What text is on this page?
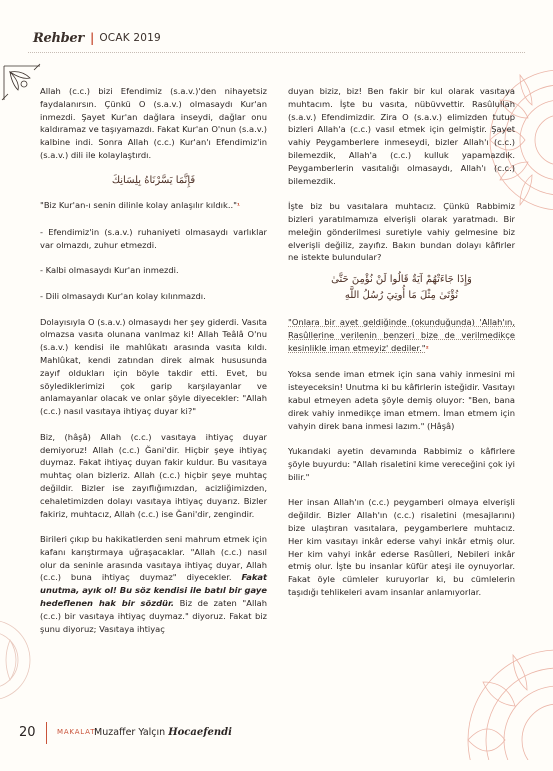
Rehber | OCAK 2019

Allah (c.c.) bizi Efendimiz (s.a.v.)'den nihayetsiz faydalanırsın. Çünkü O (s.a.v.) olmasaydı Kur'an inmezdi. Şayet Kur'an dağlara inseydi, dağlar onu kaldıramaz ve taşıyamazdı. Fakat Kur'an O'nun (s.a.v.) kalbine indi. Sonra Allah (c.c.) Kur'an'ı Efendimiz'in (s.a.v.) dili ile kolaylaştırdı.

فَإِنَّمَا يَسَّرْنَاهُ بِلِسَانِكَ

"Biz Kur'an-ı senin dilinle kolay anlaşılır kıldık.."¹

- Efendimiz'in (s.a.v.) ruhaniyeti olmasaydı varlıklar var olmazdı, zuhur etmezdi.

- Kalbi olmasaydı Kur'an inmezdi.

- Dili olmasaydı Kur'an kolay kılınmazdı.

Dolayısıyla O (s.a.v.) olmasaydı her şey giderdi. Vasıta olmazsa vasıta olunana vanlmaz ki! Allah Teâlâ O'nu (s.a.v.) kendisi ile mahlûkatı arasında vasıta kıldı. Mahlûkat, kendi zatından direk almak hususunda zayıf oldukları için böyle takdir etti. Evet, bu söylediklerimizi çok garip karşılayanlar ve anlamayanlar olacak ve onlar şöyle diyecekler: "Allah (c.c.) nasıl vasıtaya ihtiyaç duyar ki?"

Biz, (hâşâ) Allah (c.c.) vasıtaya ihtiyaç duyar demiyoruz! Allah (c.c.) Ğani'dir. Hiçbir şeye ihtiyaç duymaz. Fakat ihtiyaç duyan fakir kuldur. Bu vasıtaya muhtaç olan bizleriz. Allah (c.c.) hiçbir şeye muhtaç değildir. Bizler ise zayıflığımızdan, acizliğimizden, cehaletimizden dolayı vasıtaya ihtiyaç duyarız. Bizler fakiriz, muhtacız, Allah (c.c.) ise Ğani'dir, zengindir.

Birileri çıkıp bu hakikatlerden seni mahrum etmek için kafanı karıştırmaya uğraşacaklar. "Allah (c.c.) nasıl olur da seninle arasında vasıtaya ihtiyaç duyar, Allah (c.c.) buna ihtiyaç duymaz" diyecekler. Fakat unutma, ayık ol! Bu söz kendisi ile batıl bir gaye hedeflenen hak bir sözdür. Biz de zaten "Allah (c.c.) bir vasıtaya ihtiyaç duymaz." diyoruz. Fakat biz şunu diyoruz; Vasıtaya ihtiyaç

duyan biziz, biz! Ben fakir bir kul olarak vasıtaya muhtacım. İşte bu vasıta, nübüvvettir. Rasûlullah (s.a.v.) Efendimizdir. Zira O (s.a.v.) elimizden tutup bizleri Allah'a (c.c.) vasıl etmek için gelmiştir. Şayet vahiy Peygamberlere inmeseydi, bizler Allah'ı (c.c.) bilemezdik, Allah'a (c.c.) kulluk yapamazdık. Peygamberlerin vasıtalığı olmasaydı, Allah'ı (c.c.) bilemezdik.

İşte biz bu vasıtalara muhtacız. Çünkü Rabbimiz bizleri yaratılmamıza elverişli olarak yaratmadı. Bir meleğin gönderilmesi suretiyle vahiy gelmesine biz elverişli değiliz, zayıfız. Bakın bundan dolayı kâfirler ne istekte bulundular?

وَإِذَا جَاءَتْهُمْ آيَةٌ قَالُوا لَنْ نُؤْمِنَ حَتَّىٰ
نُؤْتَىٰ مِثْلَ مَا أُوتِيَ رُسُلُ اللَّهِ

"Onlara bir ayet geldiğinde (okunduğunda) 'Allah'ın, Rasûllerine verilenin benzeri bize de verilmedikçe kesinlikle iman etmeyiz' dediler."²

Yoksa sende iman etmek için sana vahiy inmesini mi isteyeceksin! Unutma ki bu kâfirlerin isteğidir. Vasıtayı kabul etmeyen adeta şöyle demiş oluyor: "Ben, bana direk vahiy inmedikçe iman etmem. İman etmem için vahyin direk bana inmesi lazım." (Hâşâ)

Yukarıdaki ayetin devamında Rabbimiz o kâfirlere şöyle buyurdu: "Allah risaletini kime vereceğini çok iyi bilir."

Her insan Allah'ın (c.c.) peygamberi olmaya elverişli değildir. Bizler Allah'ın (c.c.) risaletini (mesajlarını) bize ulaştıran vasıtalara, peygamberlere muhtacız. Her kim vasıtayı inkâr ederse vahyi inkâr etmiş olur. Her kim vahyi inkâr ederse Rasûlleri, Nebileri inkâr etmiş olur. İşte bu insanlar küfür ateşi ile oynuyorlar. Fakat öyle cümleler kuruyorlar ki, bu cümlelerin taşıdığı tehlikeleri avam insanlar anlamıyorlar.

20	MAKALAT
Muzaffer Yalçın Hocaefendi
